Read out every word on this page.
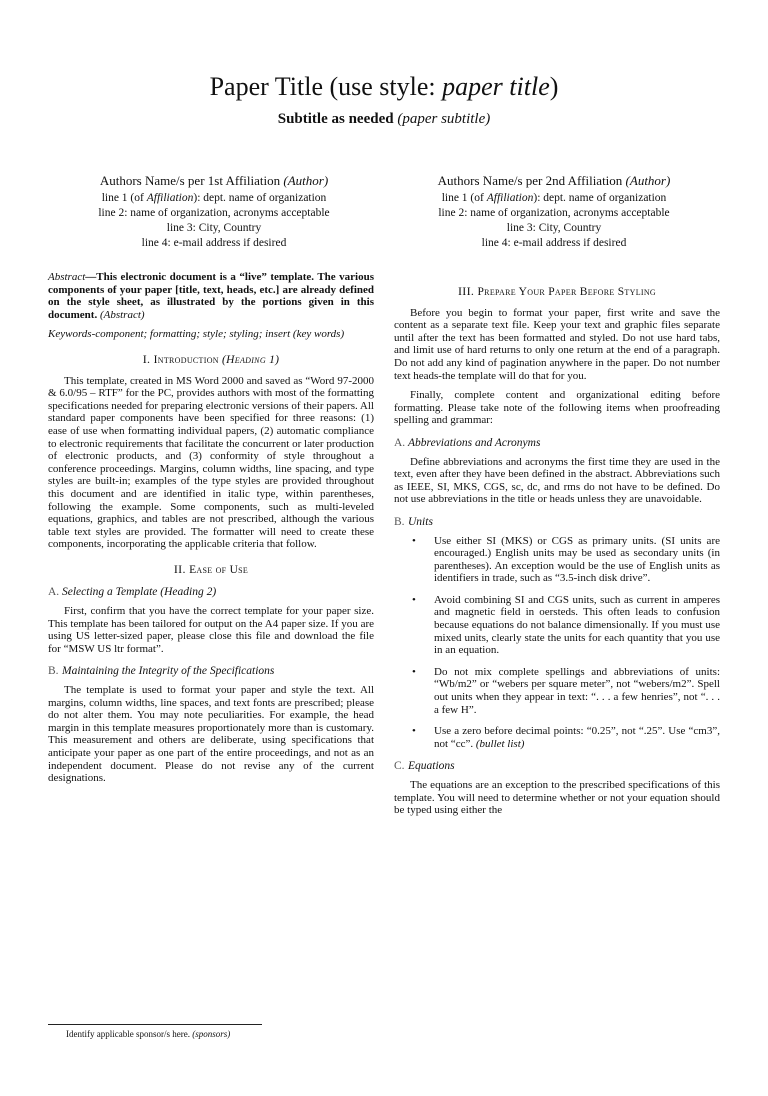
Paper Title (use style: paper title)
Subtitle as needed (paper subtitle)
Authors Name/s per 1st Affiliation (Author)
line 1 (of Affiliation): dept. name of organization
line 2: name of organization, acronyms acceptable
line 3: City, Country
line 4: e-mail address if desired
Authors Name/s per 2nd Affiliation (Author)
line 1 (of Affiliation): dept. name of organization
line 2: name of organization, acronyms acceptable
line 3: City, Country
line 4: e-mail address if desired

Abstract—This electronic document is a “live” template. The various components of your paper [title, text, heads, etc.] are already defined on the style sheet, as illustrated by the portions given in this document. (Abstract)

Keywords-component; formatting; style; styling; insert (key words)

I. Introduction (Heading 1)

This template, created in MS Word 2000 and saved as “Word 97-2000 & 6.0/95 – RTF” for the PC, provides authors with most of the formatting specifications needed for preparing electronic versions of their papers. All standard paper components have been specified for three reasons: (1) ease of use when formatting individual papers, (2) automatic compliance to electronic requirements that facilitate the concurrent or later production of electronic products, and (3) conformity of style throughout a conference proceedings. Margins, column widths, line spacing, and type styles are built-in; examples of the type styles are provided throughout this document and are identified in italic type, within parentheses, following the example. Some components, such as multi-leveled equations, graphics, and tables are not prescribed, although the various table text styles are provided. The formatter will need to create these components, incorporating the applicable criteria that follow.

II. Ease of Use
A. Selecting a Template (Heading 2)

First, confirm that you have the correct template for your paper size. This template has been tailored for output on the A4 paper size. If you are using US letter-sized paper, please close this file and download the file for “MSW US ltr format”.

B. Maintaining the Integrity of the Specifications

The template is used to format your paper and style the text. All margins, column widths, line spaces, and text fonts are prescribed; please do not alter them. You may note peculiarities. For example, the head margin in this template measures proportionately more than is customary. This measurement and others are deliberate, using specifications that anticipate your paper as one part of the entire proceedings, and not as an independent document. Please do not revise any of the current designations.

III. Prepare Your Paper Before Styling

Before you begin to format your paper, first write and save the content as a separate text file. Keep your text and graphic files separate until after the text has been formatted and styled. Do not use hard tabs, and limit use of hard returns to only one return at the end of a paragraph. Do not add any kind of pagination anywhere in the paper. Do not number text heads-the template will do that for you.

Finally, complete content and organizational editing before formatting. Please take note of the following items when proofreading spelling and grammar:

A. Abbreviations and Acronyms

Define abbreviations and acronyms the first time they are used in the text, even after they have been defined in the abstract. Abbreviations such as IEEE, SI, MKS, CGS, sc, dc, and rms do not have to be defined. Do not use abbreviations in the title or heads unless they are unavoidable.

B. Units
• Use either SI (MKS) or CGS as primary units. (SI units are encouraged.) English units may be used as secondary units (in parentheses). An exception would be the use of English units as identifiers in trade, such as “3.5-inch disk drive”.
• Avoid combining SI and CGS units, such as current in amperes and magnetic field in oersteds. This often leads to confusion because equations do not balance dimensionally. If you must use mixed units, clearly state the units for each quantity that you use in an equation.
• Do not mix complete spellings and abbreviations of units: “Wb/m2” or “webers per square meter”, not “webers/m2”. Spell out units when they appear in text: “. . . a few henries”, not “. . . a few H”.
• Use a zero before decimal points: “0.25”, not “.25”. Use “cm3”, not “cc”. (bullet list)
C. Equations

The equations are an exception to the prescribed specifications of this template. You will need to determine whether or not your equation should be typed using either the

Identify applicable sponsor/s here. (sponsors)
